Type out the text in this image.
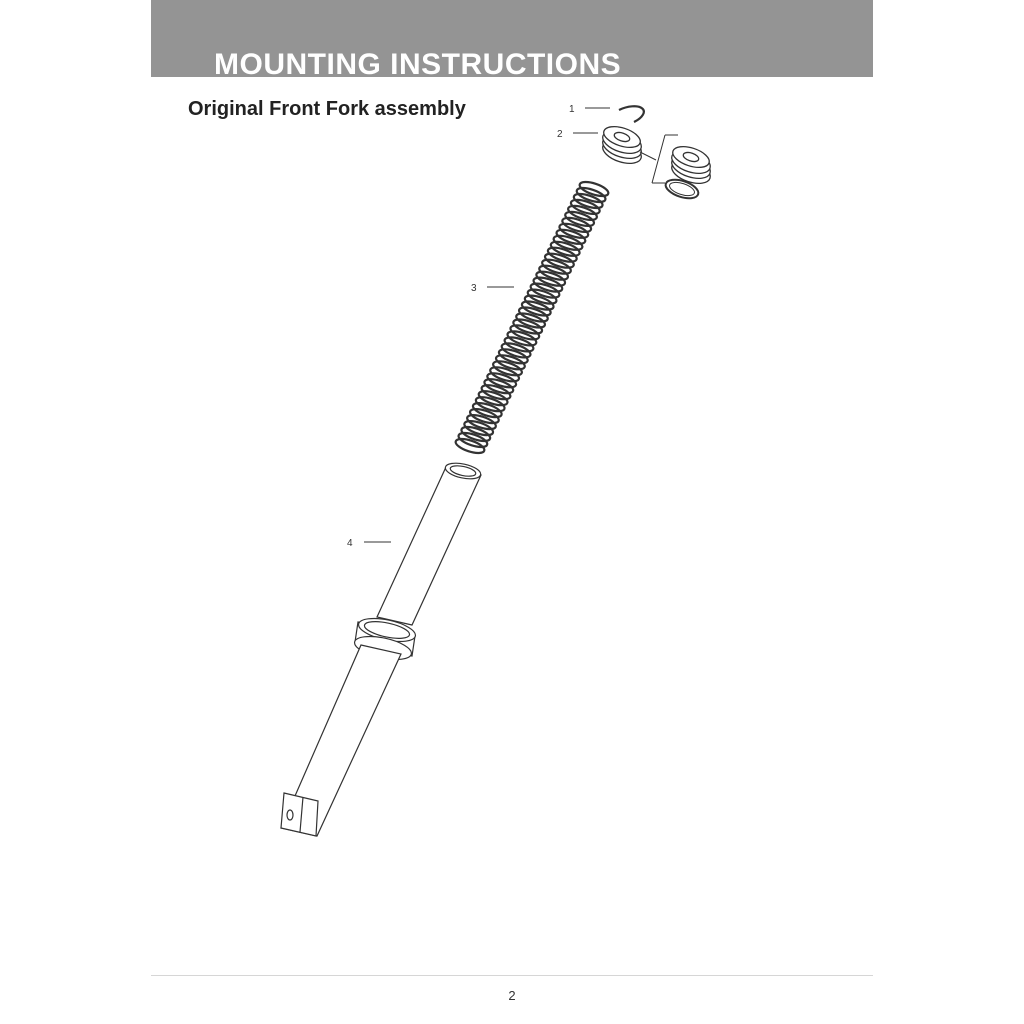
MOUNTING INSTRUCTIONS
Original Front Fork assembly	1
2
3
4
2
